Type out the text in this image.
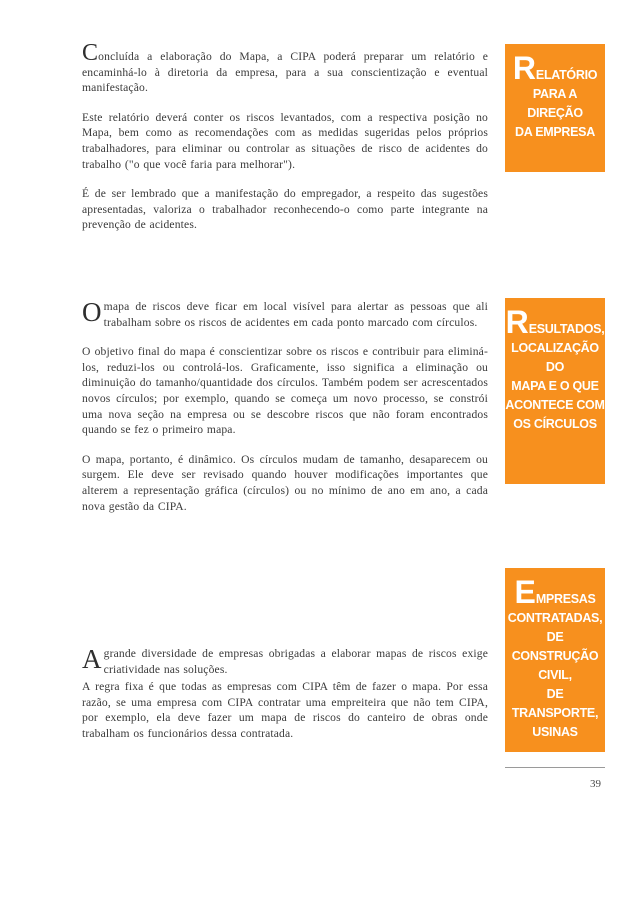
Concluída a elaboração do Mapa, a CIPA poderá preparar um relatório e encaminhá-lo à diretoria da empresa, para a sua conscientização e eventual manifestação.

Este relatório deverá conter os riscos levantados, com a respectiva posição no Mapa, bem como as recomendações com as medidas sugeridas pelos próprios trabalhadores, para eliminar ou controlar as situações de risco de acidentes do trabalho ("o que você faria para melhorar").

É de ser lembrado que a manifestação do empregador, a respeito das sugestões apresentadas, valoriza o trabalhador reconhecendo-o como parte integrante na prevenção de acidentes.

Omapa de riscos deve ficar em local visível para alertar as pessoas que ali trabalham sobre os riscos de acidentes em cada ponto marcado com círculos.

O objetivo final do mapa é conscientizar sobre os riscos e contribuir para eliminá-los, reduzi-los ou controlá-los. Graficamente, isso significa a eliminação ou diminuição do tamanho/quantidade dos círculos. Também podem ser acrescentados novos círculos; por exemplo, quando se começa um novo processo, se constrói uma nova seção na empresa ou se descobre riscos que não foram encontrados quando se fez o primeiro mapa.

O mapa, portanto, é dinâmico. Os círculos mudam de tamanho, desaparecem ou surgem. Ele deve ser revisado quando houver modificações importantes que alterem a representação gráfica (círculos) ou no mínimo de ano em ano, a cada nova gestão da CIPA.

Agrande diversidade de empresas obrigadas a elaborar mapas de riscos exige criatividade nas soluções.

A regra fixa é que todas as empresas com CIPA têm de fazer o mapa. Por essa razão, se uma empresa com CIPA contratar uma empreiteira que não tem CIPA, por exemplo, ela deve fazer um mapa de riscos do canteiro de obras onde trabalham os funcionários dessa contratada.

RELATÓRIO
PARA A DIREÇÃO
DA EMPRESA
RESULTADOS,
LOCALIZAÇÃO DO
MAPA E O QUE
ACONTECE COM
OS CÍRCULOS
EMPRESAS
CONTRATADAS, DE
CONSTRUÇÃO CIVIL,
DE TRANSPORTE,
USINAS
39
